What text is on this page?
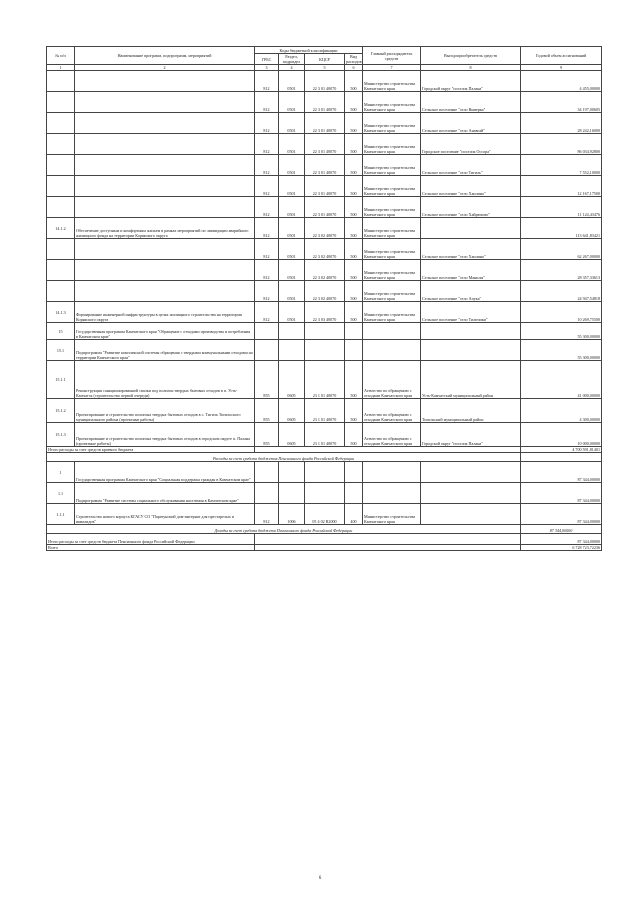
№ п/п	Наименование программ, подпрограмм, мероприятий	Коды бюджетной классификации				Главный распорядитель средств	Выгодоприобретатель средств	Годовой объем ассигнований
		ГРБС	Раздел, подраздел	КЦСР	Вид расходов			
1	2	3	4	5	6	7	8	9
		812	0501	22 3 01 40070	500	Министерство строительства Камчатского края	Городской округ "поселок Палана"	4 455,00000
		812	0501	22 3 01 40070	500	Министерство строительства Камчатского края	Сельское поселение "село Выверка"	34 197,00605
		812	0501	22 3 01 40070	500	Министерство строительства Камчатского края	Сельское поселение "село Анавгай"	28 242,16000
		812	0501	22 3 01 40070	500	Министерство строительства Камчатского края	Городское поселение "поселок Оссора"	86 034,92800
		812	0501	22 3 01 40070	500	Министерство строительства Камчатского края	Сельское поселение "село Тигиль"	7 552,10000
		812	0501	22 3 01 40070	500	Министерство строительства Камчатского края	Сельское поселение "село Хаилино"	12 167,17500
		812	0501	22 3 01 40070	500	Министерство строительства Камчатского края	Сельское поселение "село Хайрюзово"	11 124,43476
14.1.2	Обеспечение доступным и комфортным жильем в рамках мероприятий по ликвидации аварийного жилищного фонда на территории Корякского округа	812	0501	22 3 02 40070	500	Министерство строительства Камчатского края		113 641,83421
		812	0501	22 3 02 40070	500	Министерство строительства Камчатского края	Сельское поселение "село Хаилино"	62 267,00000
		812	0501	22 3 02 40070	500	Министерство строительства Камчатского края	Сельское поселение "село Манилы"	28 357,33613
		812	0501	22 3 02 40070	500	Министерство строительства Камчатского края	Сельское поселение "село Апука"	24 947,54818
14.1.3	Формирование инженерной инфраструктуры в целях жилищного строительства на территории Корякского округа	812	0501	22 3 03 40070	500	Министерство строительства Камчатского края	Сельское поселение "село Тиличики"	10 269,75500
15	Государственная программа Камчатского края "Обращение с отходами производства и потребления в Камчатском крае"							55 300,00000
15.1	Подпрограмма "Развитие комплексной системы обращения с твердыми коммунальными отходами на территории Камчатского края"							55 300,00000
15.1.1	Реконструкция санкционированной свалки под полигон твердых бытовых отходов в п. Усть-Камчатск (строительство первой очереди)	855	0605	23 1 01 40070	500	Агентство по обращению с отходами Камчатского края	Усть-Камчатский муниципальный район	41 000,00000
15.1.2	Проектирование и строительство полигона твердых бытовых отходов в с. Тигиль Тигильского муниципального района (проектные работы)	855	0605	23 1 01 40070	500	Агентство по обращению с отходами Камчатского края	Тигильский муниципальный район	4 300,00000
15.1.3	Проектирование и строительство полигона твердых бытовых отходов в городском округе п. Палана (проектные работы)	855	0605	23 1 01 40070	500	Агентство по обращению с отходами Камчатского края	Городской округ "поселок Палана"	10 000,00000
Итого расходы за счет средств краевого бюджета								4 700 591,81401
Расходы за счет средств бюджетов Пенсионного фонда Российской Федерации								
1	Государственная программа Камчатского края "Социальная поддержка граждан в Камчатском крае"							87 344,00000
1.1	Подпрограмма "Развитие системы социального обслуживания населения в Камчатском крае"							87 344,00000
1.1.1	Строительство нового корпуса КГАСУ СО "Паратунский дом-интернат для престарелых и инвалидов"	812	1006	05 4 02 R2000	400	Министерство строительства Камчатского края		87 344,00000
Доходы за счет средств бюджета Пенсионного фонда Российской Федерации								87 344,00000
Итого расходы за счет средств бюджета Пенсионного фонда Российской Федерации								87 344,00000
Всего								6 728 723,72236
6
